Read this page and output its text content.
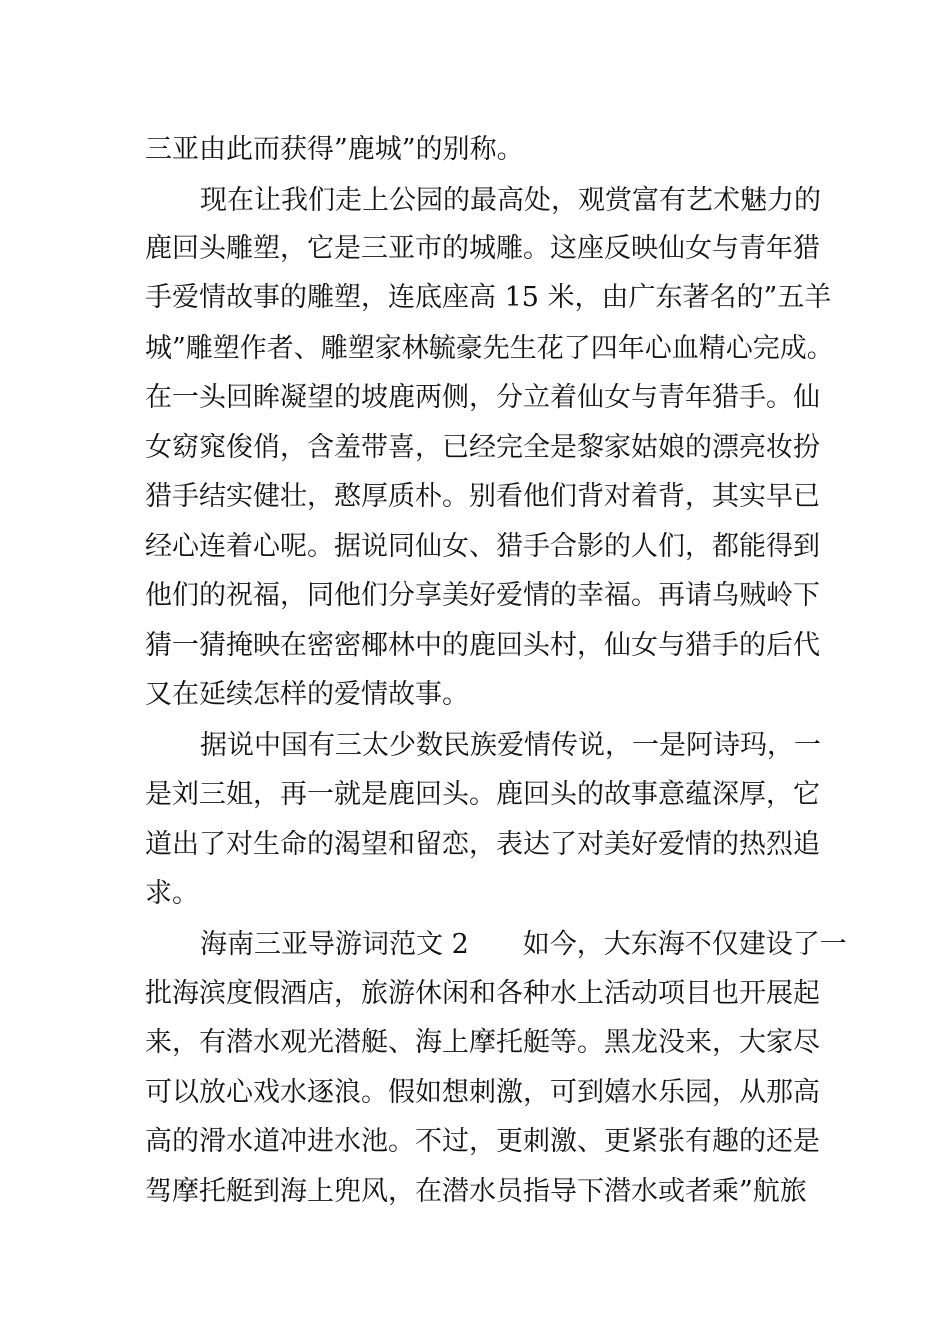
三亚由此而获得”鹿城”的别称。
现在让我们走上公园的最高处，观赏富有艺术魅力的
鹿回头雕塑，它是三亚市的城雕。这座反映仙女与青年猎
手爱情故事的雕塑，连底座高 15 米，由广东著名的”五羊
城”雕塑作者、雕塑家林毓豪先生花了四年心血精心完成。
在一头回眸凝望的坡鹿两侧，分立着仙女与青年猎手。仙
女窈窕俊俏，含羞带喜，已经完全是黎家姑娘的漂亮妆扮
猎手结实健壮，憨厚质朴。别看他们背对着背，其实早已
经心连着心呢。据说同仙女、猎手合影的人们，都能得到
他们的祝福，同他们分享美好爱情的幸福。再请乌贼岭下
猜一猜掩映在密密椰林中的鹿回头村，仙女与猎手的后代
又在延续怎样的爱情故事。
据说中国有三太少数民族爱情传说，一是阿诗玛，一
是刘三姐，再一就是鹿回头。鹿回头的故事意蕴深厚，它
道出了对生命的渴望和留恋，表达了对美好爱情的热烈追
求。
海南三亚导游词范文 2　　如今，大东海不仅建设了一
批海滨度假酒店，旅游休闲和各种水上活动项目也开展起
来，有潜水观光潜艇、海上摩托艇等。黑龙没来，大家尽
可以放心戏水逐浪。假如想刺激，可到嬉水乐园，从那高
高的滑水道冲进水池。不过，更刺激、更紧张有趣的还是
驾摩托艇到海上兜风，在潜水员指导下潜水或者乘”航旅
